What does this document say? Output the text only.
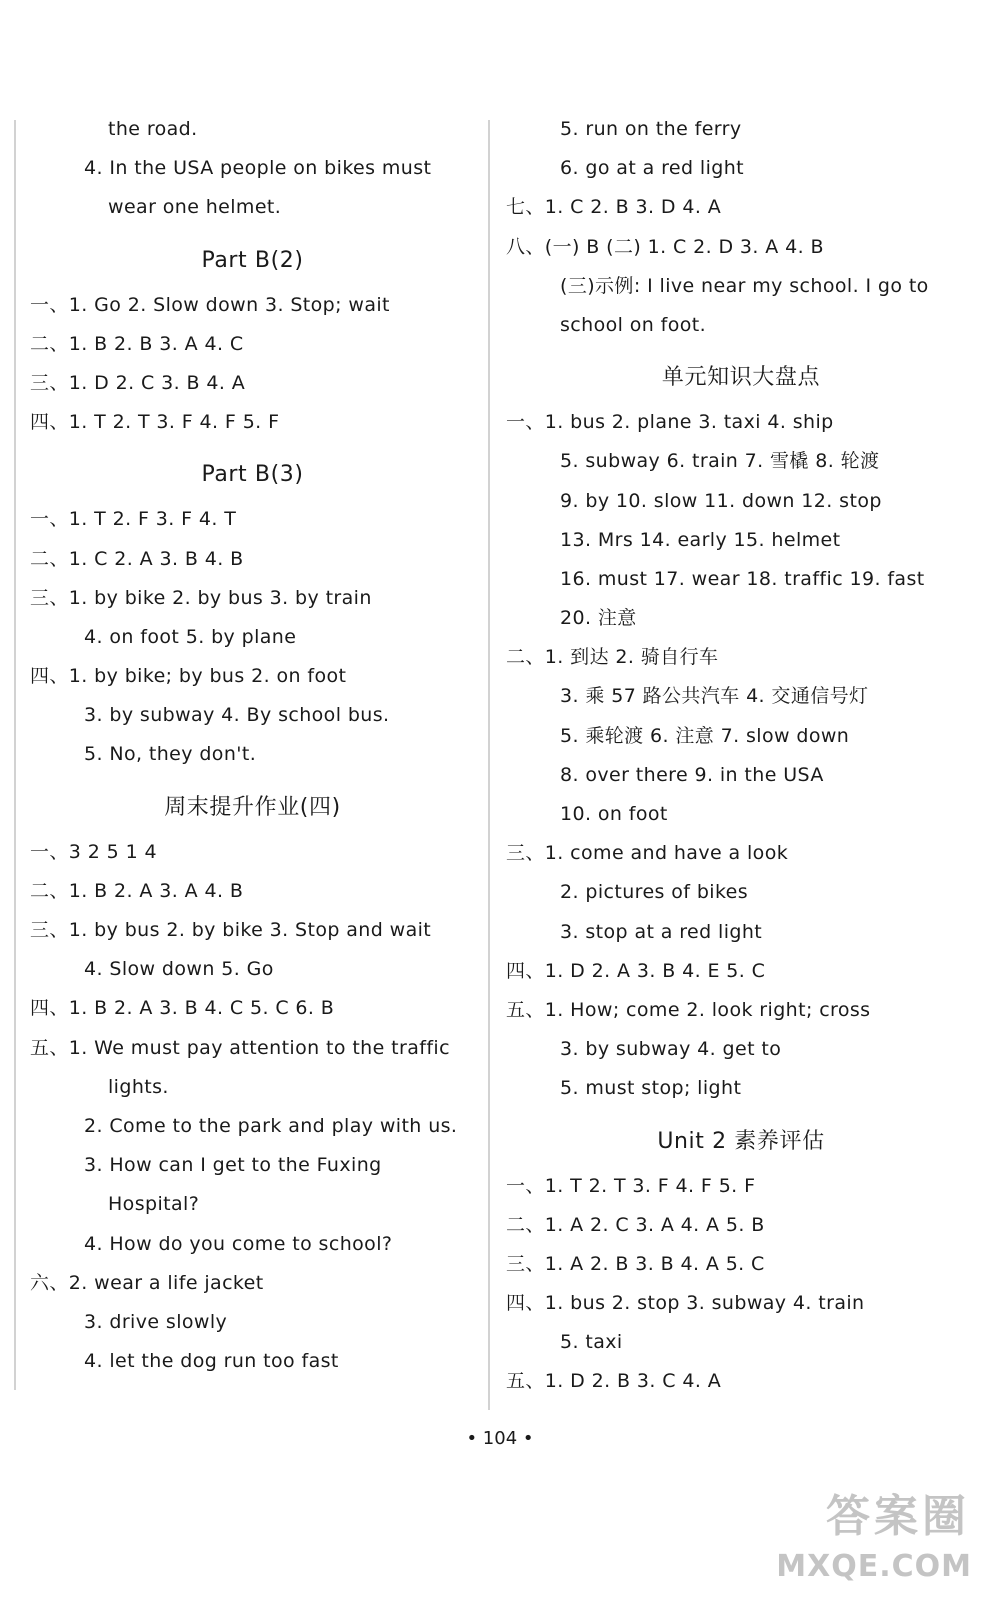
the road.
4. In the USA people on bikes must
wear one helmet.
Part B(2)
一、1. Go 2. Slow down 3. Stop; wait
二、1. B 2. B 3. A 4. C
三、1. D 2. C 3. B 4. A
四、1. T 2. T 3. F 4. F 5. F
Part B(3)
一、1. T 2. F 3. F 4. T
二、1. C 2. A 3. B 4. B
三、1. by bike 2. by bus 3. by train
4. on foot 5. by plane
四、1. by bike; by bus 2. on foot
3. by subway 4. By school bus.
5. No, they don't.
周末提升作业(四)
一、3 2 5 1 4
二、1. B 2. A 3. A 4. B
三、1. by bus 2. by bike 3. Stop and wait
4. Slow down 5. Go
四、1. B 2. A 3. B 4. C 5. C 6. B
五、1. We must pay attention to the traffic
lights.
2. Come to the park and play with us.
3. How can I get to the Fuxing
Hospital?
4. How do you come to school?
六、2. wear a life jacket
3. drive slowly
4. let the dog run too fast
5. run on the ferry
6. go at a red light
七、1. C 2. B 3. D 4. A
八、(一) B (二) 1. C 2. D 3. A 4. B
(三)示例: I live near my school. I go to
school on foot.
单元知识大盘点
一、1. bus 2. plane 3. taxi 4. ship
5. subway 6. train 7. 雪橇 8. 轮渡
9. by 10. slow 11. down 12. stop
13. Mrs 14. early 15. helmet
16. must 17. wear 18. traffic 19. fast
20. 注意
二、1. 到达 2. 骑自行车
3. 乘 57 路公共汽车 4. 交通信号灯
5. 乘轮渡 6. 注意 7. slow down
8. over there 9. in the USA
10. on foot
三、1. come and have a look
2. pictures of bikes
3. stop at a red light
四、1. D 2. A 3. B 4. E 5. C
五、1. How; come 2. look right; cross
3. by subway 4. get to
5. must stop; light
Unit 2 素养评估
一、1. T 2. T 3. F 4. F 5. F
二、1. A 2. C 3. A 4. A 5. B
三、1. A 2. B 3. B 4. A 5. C
四、1. bus 2. stop 3. subway 4. train
5. taxi
五、1. D 2. B 3. C 4. A
• 104 •
答案圈
MXQE.COM
